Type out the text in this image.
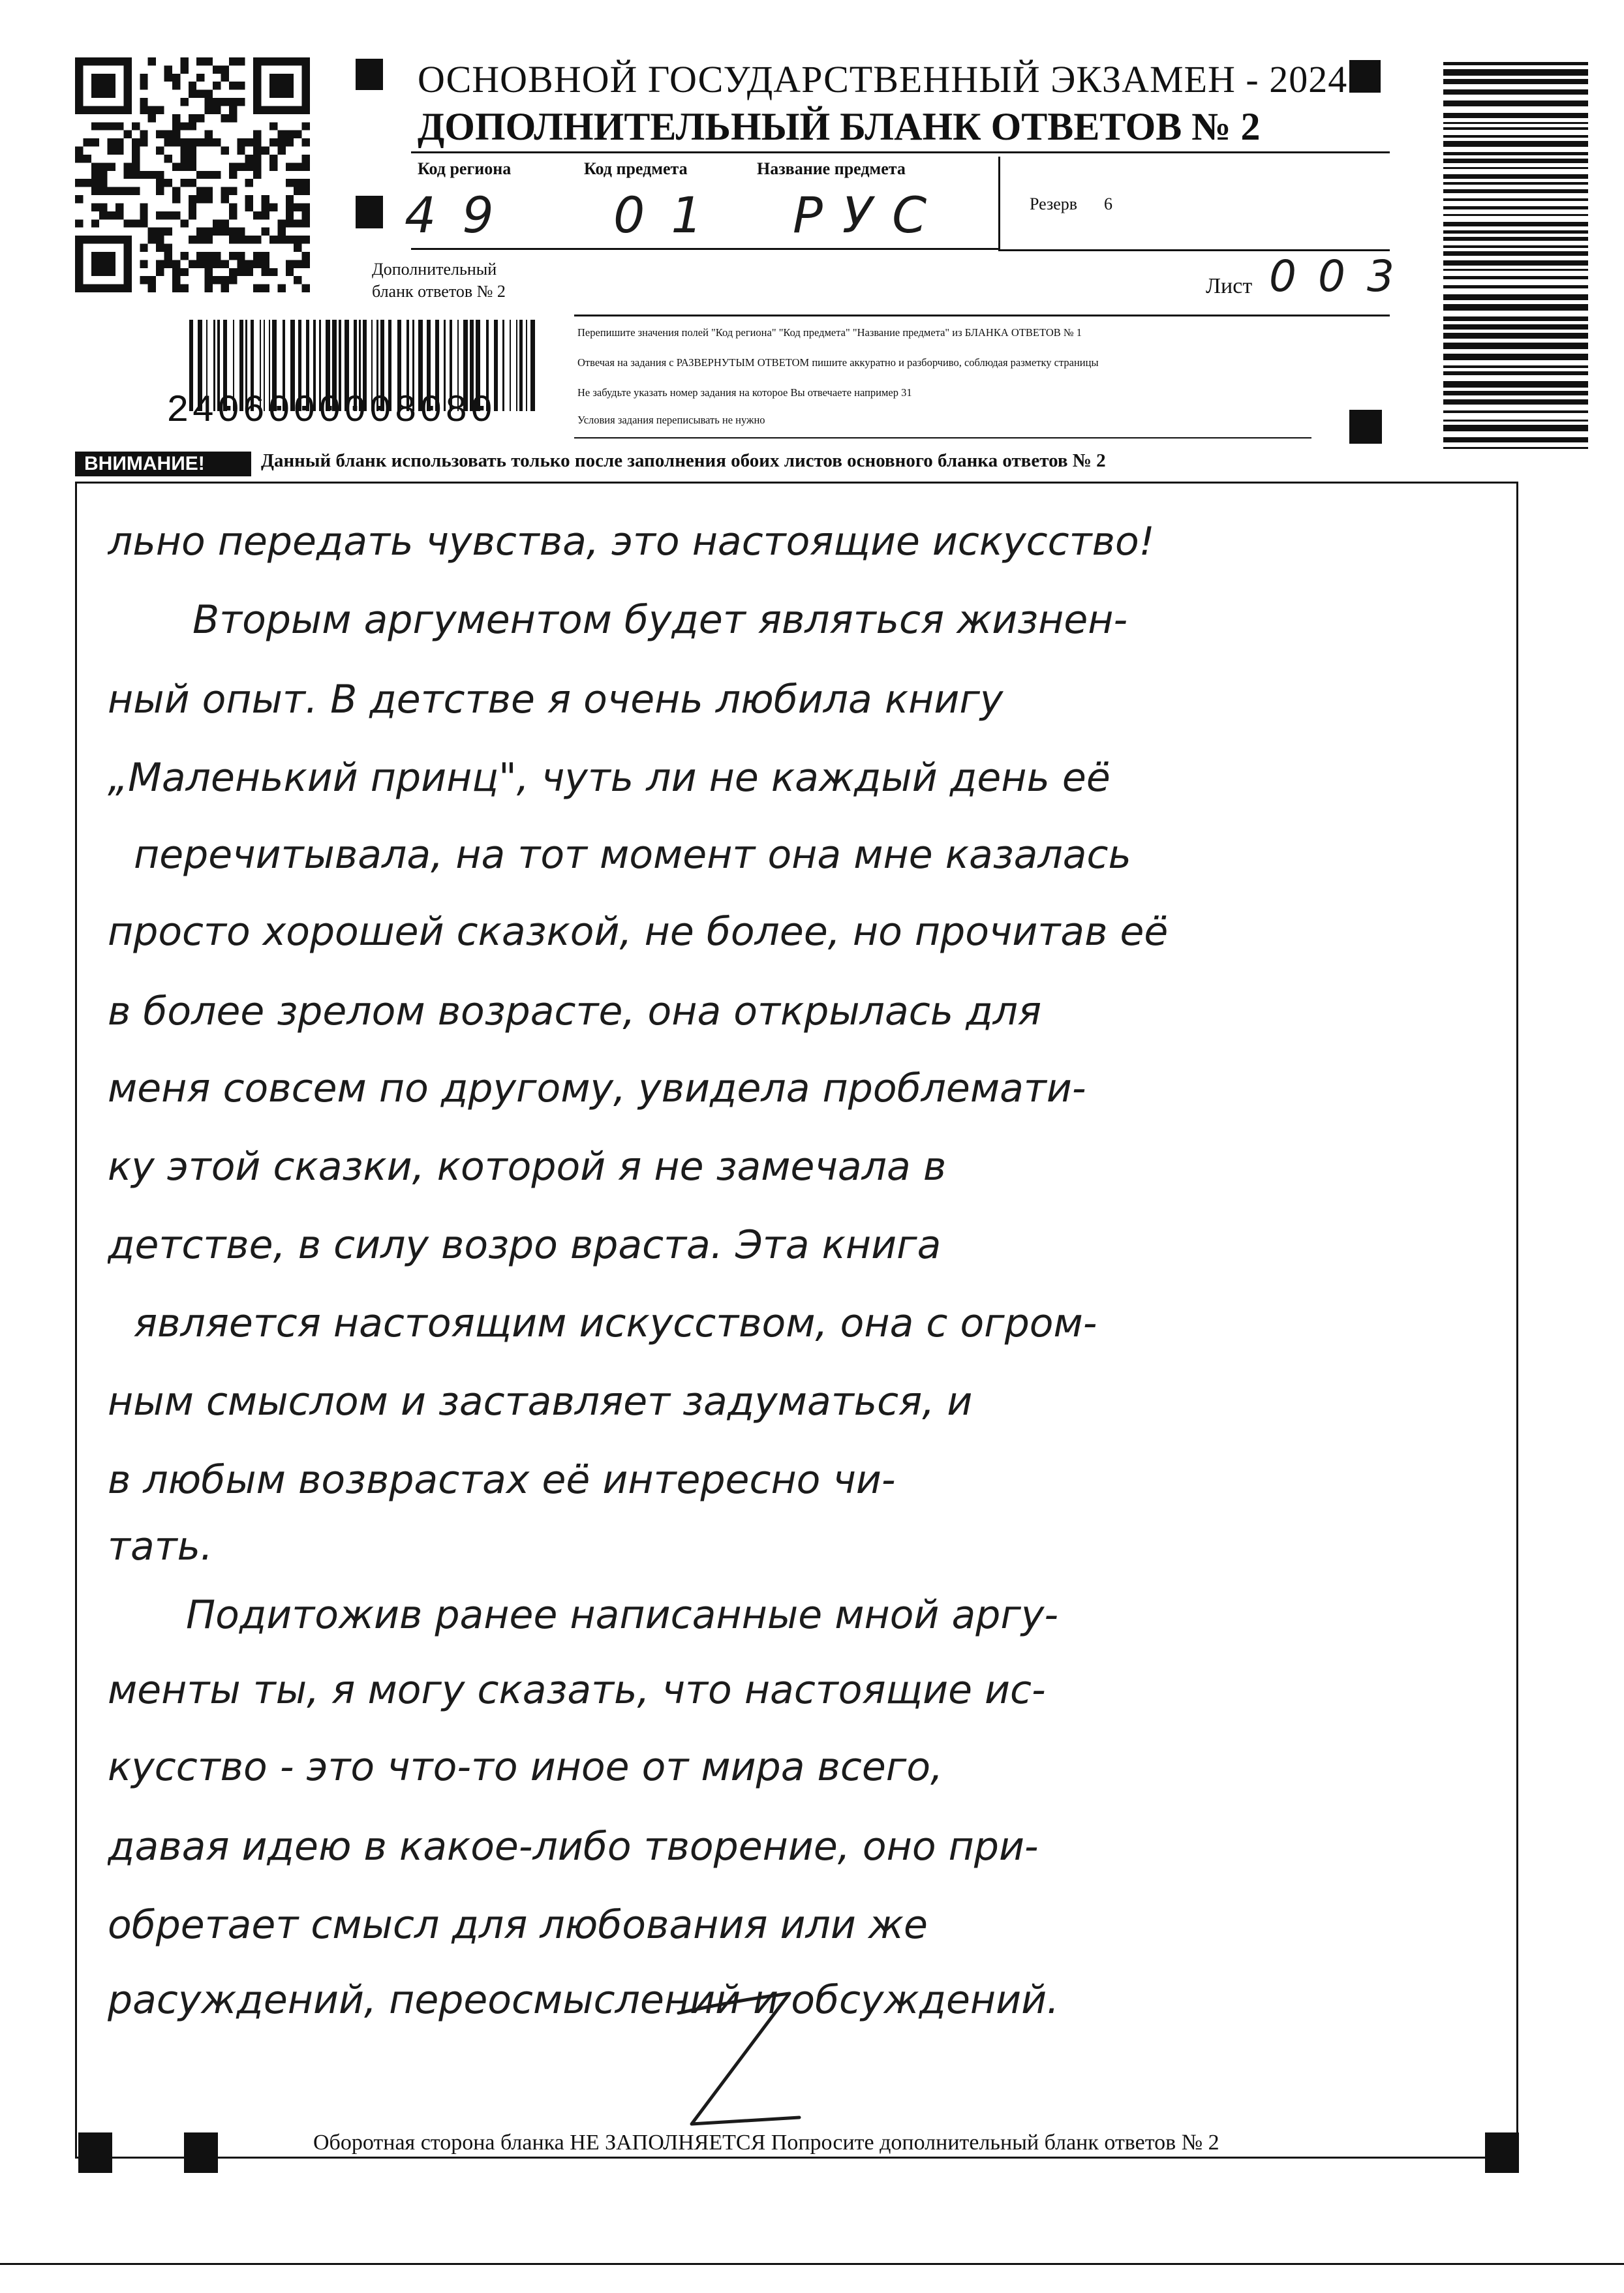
ОСНОВНОЙ ГОСУДАРСТВЕННЫЙ ЭКЗАМЕН - 2024
ДОПОЛНИТЕЛЬНЫЙ БЛАНК ОТВЕТОВ № 2
Код региона	Код предмета	Название предмета
49 01 РУС	Резерв 6
Дополнительный
бланк ответов № 2	Лист 0 0 3
2406000008080
Перепишите значения полей "Код региона" "Код предмета" "Название предмета" из БЛАНКА ОТВЕТОВ № 1
Отвечая на задания с РАЗВЕРНУТЫМ ОТВЕТОМ пишите аккуратно и разборчиво, соблюдая разметку страницы
Не забудьте указать номер задания на которое Вы отвечаете например 31
Условия задания переписывать не нужно
ВНИМАНИЕ!	Данный бланк использовать только после заполнения обоих листов основного бланка ответов № 2
льно передать чувства, это настоящие искусство!
Вторым аргументом будет являться жизнен-
ный опыт. В детстве я очень любила книгу
„Маленький принц", чуть ли не каждый день её
перечитывала, на тот момент она мне казалась
просто хорошей сказкой, не более, но прочитав её
в более зрелом возрасте, она открылась для
меня совсем по другому, увидела проблемати-
ку этой сказки, которой я не замечала в
детстве, в силу возро враста. Эта книга
является настоящим искусством, она с огром-
ным смыслом и заставляет задуматься, и
в любым возврастах её интересно чи-
тать.
Подитожив ранее написанные мной аргу-
менты ты, я могу сказать, что настоящие ис-
кусство - это что-то иное от мира всего,
давая идею в какое-либо творение, оно при-
обретает смысл для любования или же
расуждений, переосмыслений и обсуждений.
Оборотная сторона бланка НЕ ЗАПОЛНЯЕТСЯ Попросите дополнительный бланк ответов № 2
